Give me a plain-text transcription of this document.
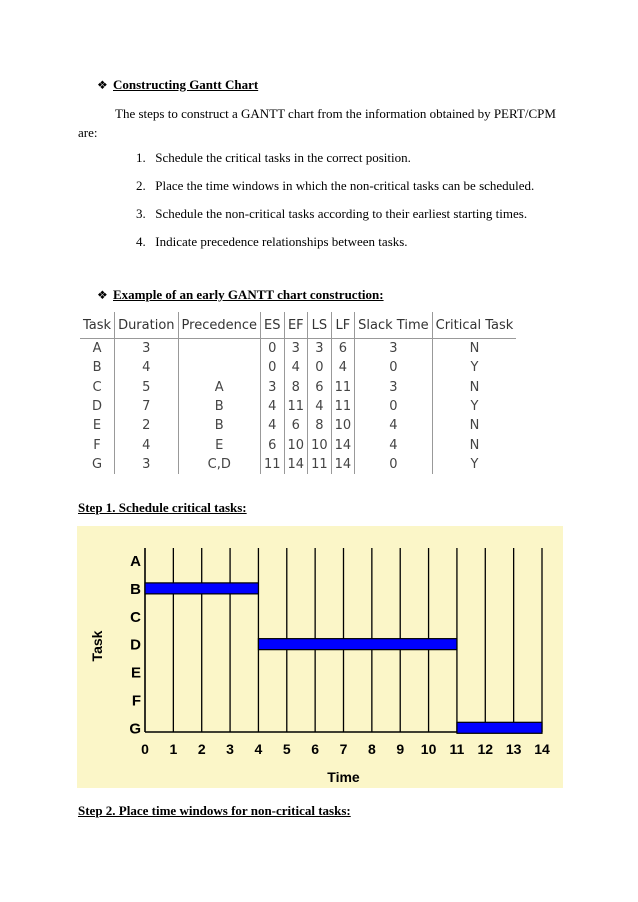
❖ Constructing Gantt Chart
The steps to construct a GANTT chart from the information obtained by PERT/CPM
are:
1. Schedule the critical tasks in the correct position.
2. Place the time windows in which the non-critical tasks can be scheduled.
3. Schedule the non-critical tasks according to their earliest starting times.
4. Indicate precedence relationships between tasks.
❖ Example of an early GANTT chart construction:
Task	Duration	Precedence	ES	EF	LS	LF	Slack Time	Critical Task
A	3		0	3	3	6	3	N
B	4		0	4	0	4	0	Y
C	5	A	3	8	6	11	3	N
D	7	B	4	11	4	11	0	Y
E	2	B	4	6	8	10	4	N
F	4	E	6	10	10	14	4	N
G	3	C,D	11	14	11	14	0	Y
Step 1. Schedule critical tasks:
A
B
C
D
E
F
G
0 1 2 3 4 5 6 7 8 9 10 11 12 13 14
Time
Task
Step 2. Place time windows for non-critical tasks:
